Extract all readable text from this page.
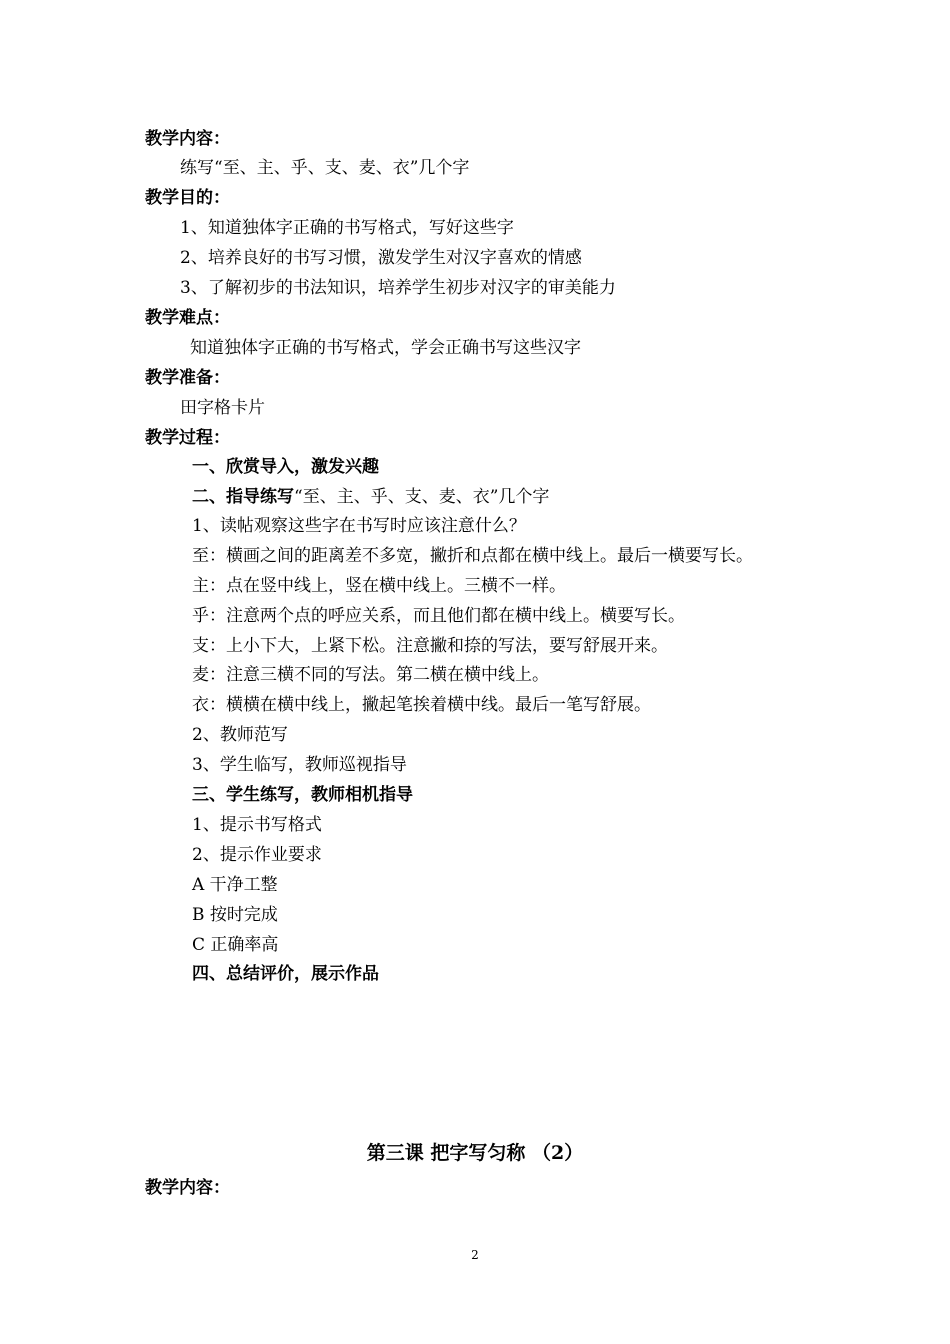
教学内容：
练写“至、主、乎、支、麦、衣”几个字
教学目的：
1、知道独体字正确的书写格式，写好这些字
2、培养良好的书写习惯，激发学生对汉字喜欢的情感
3、了解初步的书法知识，培养学生初步对汉字的审美能力
教学难点：
知道独体字正确的书写格式，学会正确书写这些汉字
教学准备：
田字格卡片
教学过程：
一、欣赏导入，激发兴趣
二、指导练写“至、主、乎、支、麦、衣”几个字
1、读帖观察这些字在书写时应该注意什么？
至：横画之间的距离差不多宽，撇折和点都在横中线上。最后一横要写长。
主：点在竖中线上，竖在横中线上。三横不一样。
乎：注意两个点的呼应关系，而且他们都在横中线上。横要写长。
支：上小下大，上紧下松。注意撇和捺的写法，要写舒展开来。
麦：注意三横不同的写法。第二横在横中线上。
衣：横横在横中线上，撇起笔挨着横中线。最后一笔写舒展。
2、教师范写
3、学生临写，教师巡视指导
三、学生练写，教师相机指导
1、提示书写格式
2、提示作业要求
A 干净工整
B 按时完成
C 正确率高
四、总结评价，展示作品
第三课 把字写匀称 （2）
教学内容：
2
